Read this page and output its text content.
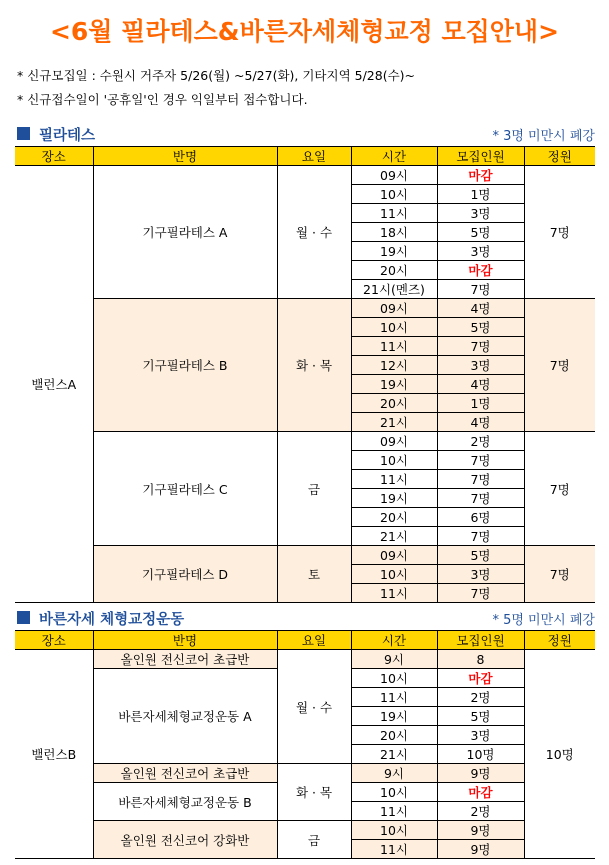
<6월 필라테스&바른자세체형교정 모집안내>
* 신규모집일 : 수원시 거주자 5/26(월) ~5/27(화), 기타지역 5/28(수)~
* 신규접수일이 '공휴일'인 경우 익일부터 접수합니다.
필라테스	* 3명 미만시 폐강
장소	반명	요일	시간	모집인원	정원
밸런스A	기구필라테스 A	월 · 수	09시	마감	7명
			10시	1명	
			11시	3명	
			18시	5명	
			19시	3명	
			20시	마감	
			21시(멘즈)	7명	
	기구필라테스 B	화 · 목	09시	4명	7명
			10시	5명	
			11시	7명	
			12시	3명	
			19시	4명	
			20시	1명	
			21시	4명	
	기구필라테스 C	금	09시	2명	7명
			10시	7명	
			11시	7명	
			19시	7명	
			20시	6명	
			21시	7명	
	기구필라테스 D	토	09시	5명	7명
			10시	3명	
			11시	7명	
바른자세 체형교정운동	* 5명 미만시 폐강
장소	반명	요일	시간	모집인원	정원
밸런스B	올인원 전신코어 초급반	월 · 수	9시	8	10명
	바른자세체형교정운동 A		10시	마감	
			11시	2명	
			19시	5명	
			20시	3명	
			21시	10명	
	올인원 전신코어 초급반	화 · 목	9시	9명	
	바른자세체형교정운동 B		10시	마감	
			11시	2명	
	올인원 전신코어 강화반	금	10시	9명	
			11시	9명	
